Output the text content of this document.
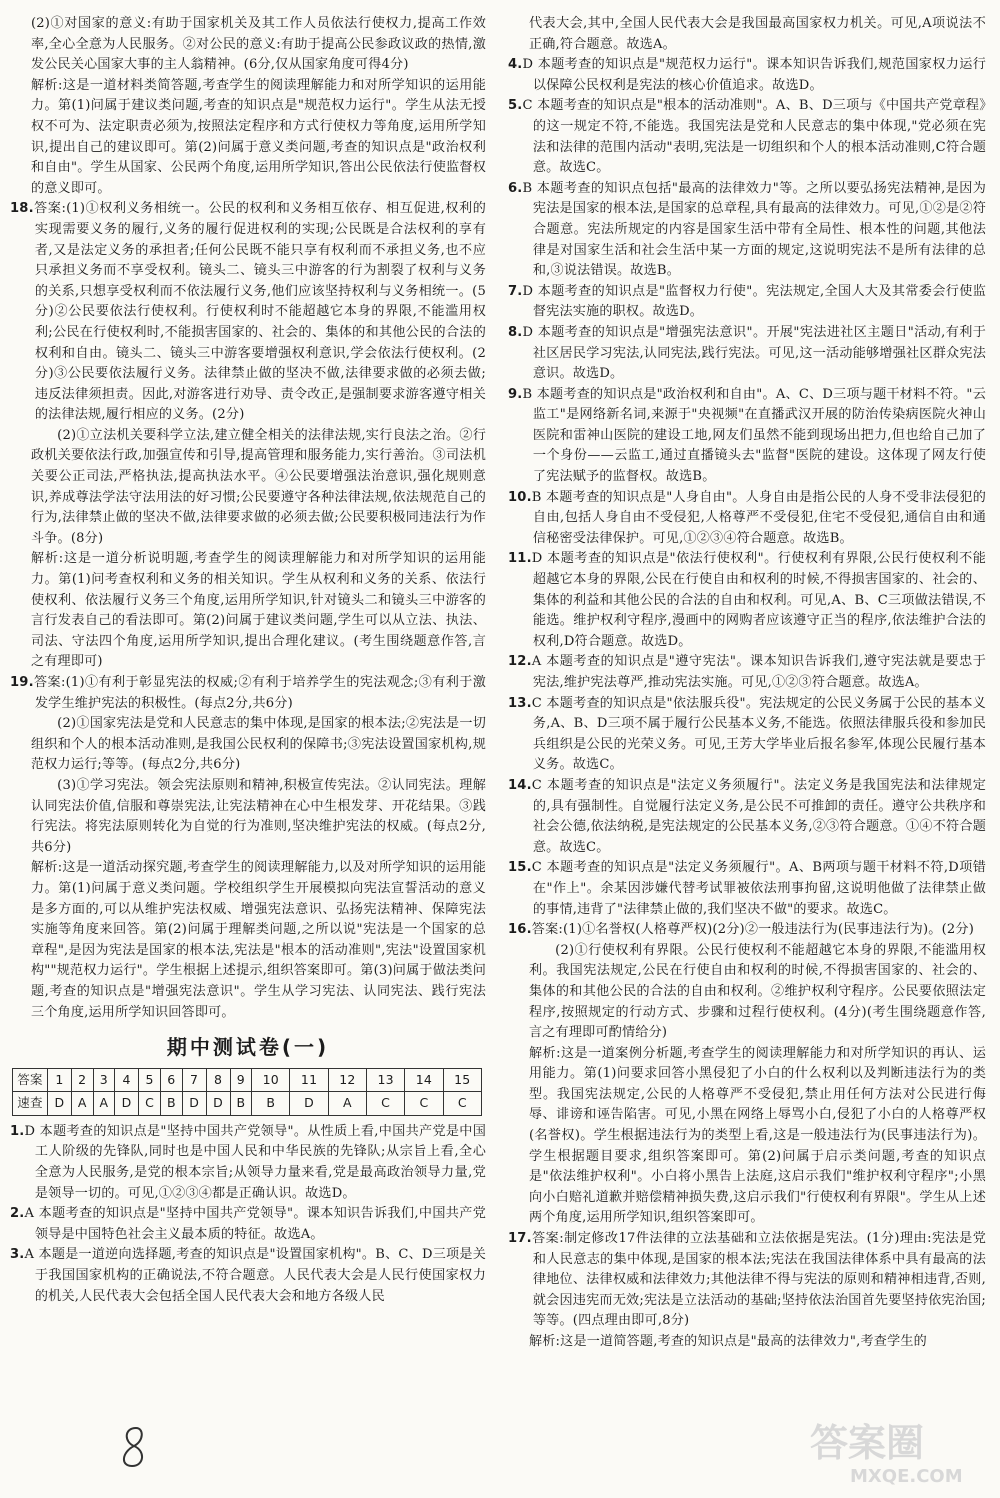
(2)①对国家的意义:有助于国家机关及其工作人员依法行使权力,提高工作效率,全心全意为人民服务。②对公民的意义:有助于提高公民参政议政的热情,激发公民关心国家大事的主人翁精神。(6分,仅从国家角度可得4分)

解析:这是一道材料类简答题,考查学生的阅读理解能力和对所学知识的运用能力。第(1)问属于建议类问题,考查的知识点是"规范权力运行"。学生从法无授权不可为、法定职责必须为,按照法定程序和方式行使权力等角度,运用所学知识,提出自己的建议即可。第(2)问属于意义类问题,考查的知识点是"政治权利和自由"。学生从国家、公民两个角度,运用所学知识,答出公民依法行使监督权的意义即可。

18.答案:(1)①权利义务相统一。公民的权利和义务相互依存、相互促进,权利的实现需要义务的履行,义务的履行促进权利的实现;公民既是合法权利的享有者,又是法定义务的承担者;任何公民既不能只享有权利而不承担义务,也不应只承担义务而不享受权利。镜头二、镜头三中游客的行为割裂了权利与义务的关系,只想享受权利而不依法履行义务,他们应该坚持权利与义务相统一。(5分)②公民要依法行使权利。行使权利时不能超越它本身的界限,不能滥用权利;公民在行使权利时,不能损害国家的、社会的、集体的和其他公民的合法的权利和自由。镜头二、镜头三中游客要增强权利意识,学会依法行使权利。(2分)③公民要依法履行义务。法律禁止做的坚决不做,法律要求做的必须去做;违反法律须担责。因此,对游客进行劝导、责令改正,是强制要求游客遵守相关的法律法规,履行相应的义务。(2分)

(2)①立法机关要科学立法,建立健全相关的法律法规,实行良法之治。②行政机关要依法行政,加强宣传和引导,提高管理和服务能力,实行善治。③司法机关要公正司法,严格执法,提高执法水平。④公民要增强法治意识,强化规则意识,养成尊法学法守法用法的好习惯;公民要遵守各种法律法规,依法规范自己的行为,法律禁止做的坚决不做,法律要求做的必须去做;公民要积极同违法行为作斗争。(8分)

解析:这是一道分析说明题,考查学生的阅读理解能力和对所学知识的运用能力。第(1)问考查权利和义务的相关知识。学生从权利和义务的关系、依法行使权利、依法履行义务三个角度,运用所学知识,针对镜头二和镜头三中游客的言行发表自己的看法即可。第(2)问属于建议类问题,学生可以从立法、执法、司法、守法四个角度,运用所学知识,提出合理化建议。(考生围绕题意作答,言之有理即可)

19.答案:(1)①有利于彰显宪法的权威;②有利于培养学生的宪法观念;③有利于激发学生维护宪法的积极性。(每点2分,共6分)

(2)①国家宪法是党和人民意志的集中体现,是国家的根本法;②宪法是一切组织和个人的根本活动准则,是我国公民权利的保障书;③宪法设置国家机构,规范权力运行;等等。(每点2分,共6分)

(3)①学习宪法。领会宪法原则和精神,积极宣传宪法。②认同宪法。理解认同宪法价值,信服和尊崇宪法,让宪法精神在心中生根发芽、开花结果。③践行宪法。将宪法原则转化为自觉的行为准则,坚决维护宪法的权威。(每点2分,共6分)

解析:这是一道活动探究题,考查学生的阅读理解能力,以及对所学知识的运用能力。第(1)问属于意义类问题。学校组织学生开展模拟向宪法宣誓活动的意义是多方面的,可以从维护宪法权威、增强宪法意识、弘扬宪法精神、保障宪法实施等角度来回答。第(2)问属于理解类问题,之所以说"宪法是一个国家的总章程",是因为宪法是国家的根本法,宪法是"根本的活动准则",宪法"设置国家机构""规范权力运行"。学生根据上述提示,组织答案即可。第(3)问属于做法类问题,考查的知识点是"增强宪法意识"。学生从学习宪法、认同宪法、践行宪法三个角度,运用所学知识回答即可。

期中测试卷(一)
答案	1	2	3	4	5	6	7	8	9	10	11	12	13	14	15
速查	D	A	A	D	C	B	D	D	B	B	D	A	C	C	C

1.D 本题考查的知识点是"坚持中国共产党领导"。从性质上看,中国共产党是中国工人阶级的先锋队,同时也是中国人民和中华民族的先锋队;从宗旨上看,全心全意为人民服务,是党的根本宗旨;从领导力量来看,党是最高政治领导力量,党是领导一切的。可见,①②③④都是正确认识。故选D。

2.A 本题考查的知识点是"坚持中国共产党领导"。课本知识告诉我们,中国共产党领导是中国特色社会主义最本质的特征。故选A。

3.A 本题是一道逆向选择题,考查的知识点是"设置国家机构"。B、C、D三项是关于我国国家机构的正确说法,不符合题意。人民代表大会是人民行使国家权力的机关,人民代表大会包括全国人民代表大会和地方各级人民

代表大会,其中,全国人民代表大会是我国最高国家权力机关。可见,A项说法不正确,符合题意。故选A。

4.D 本题考查的知识点是"规范权力运行"。课本知识告诉我们,规范国家权力运行以保障公民权利是宪法的核心价值追求。故选D。

5.C 本题考查的知识点是"根本的活动准则"。A、B、D三项与《中国共产党章程》的这一规定不符,不能选。我国宪法是党和人民意志的集中体现,"党必须在宪法和法律的范围内活动"表明,宪法是一切组织和个人的根本活动准则,C符合题意。故选C。

6.B 本题考查的知识点包括"最高的法律效力"等。之所以要弘扬宪法精神,是因为宪法是国家的根本法,是国家的总章程,具有最高的法律效力。可见,①②是②符合题意。宪法所规定的内容是国家生活中带有全局性、根本性的问题,其他法律是对国家生活和社会生活中某一方面的规定,这说明宪法不是所有法律的总和,③说法错误。故选B。

7.D 本题考查的知识点是"监督权力行使"。宪法规定,全国人大及其常委会行使监督宪法实施的职权。故选D。

8.D 本题考查的知识点是"增强宪法意识"。开展"宪法进社区主题日"活动,有利于社区居民学习宪法,认同宪法,践行宪法。可见,这一活动能够增强社区群众宪法意识。故选D。

9.B 本题考查的知识点是"政治权利和自由"。A、C、D三项与题干材料不符。"云监工"是网络新名词,来源于"央视频"在直播武汉开展的防治传染病医院火神山医院和雷神山医院的建设工地,网友们虽然不能到现场出把力,但也给自己加了一个身份——云监工,通过直播镜头去"监督"医院的建设。这体现了网友行使了宪法赋予的监督权。故选B。

10.B 本题考查的知识点是"人身自由"。人身自由是指公民的人身不受非法侵犯的自由,包括人身自由不受侵犯,人格尊严不受侵犯,住宅不受侵犯,通信自由和通信秘密受法律保护。可见,①②③④符合题意。故选B。

11.D 本题考查的知识点是"依法行使权利"。行使权利有界限,公民行使权利不能超越它本身的界限,公民在行使自由和权利的时候,不得损害国家的、社会的、集体的利益和其他公民的合法的自由和权利。可见,A、B、C三项做法错误,不能选。维护权利守程序,漫画中的网购者应该遵守正当的程序,依法维护合法的权利,D符合题意。故选D。

12.A 本题考查的知识点是"遵守宪法"。课本知识告诉我们,遵守宪法就是要忠于宪法,维护宪法尊严,推动宪法实施。可见,①②③符合题意。故选A。

13.C 本题考查的知识点是"依法服兵役"。宪法规定的公民义务属于公民的基本义务,A、B、D三项不属于履行公民基本义务,不能选。依照法律服兵役和参加民兵组织是公民的光荣义务。可见,王芳大学毕业后报名参军,体现公民履行基本义务。故选C。

14.C 本题考查的知识点是"法定义务须履行"。法定义务是我国宪法和法律规定的,具有强制性。自觉履行法定义务,是公民不可推卸的责任。遵守公共秩序和社会公德,依法纳税,是宪法规定的公民基本义务,②③符合题意。①④不符合题意。故选C。

15.C 本题考查的知识点是"法定义务须履行"。A、B两项与题干材料不符,D项错在"作上"。余某因涉嫌代替考试罪被依法刑事拘留,这说明他做了法律禁止做的事情,违背了"法律禁止做的,我们坚决不做"的要求。故选C。

16.答案:(1)①名誉权(人格尊严权)(2分)②一般违法行为(民事违法行为)。(2分)

(2)①行使权利有界限。公民行使权利不能超越它本身的界限,不能滥用权利。我国宪法规定,公民在行使自由和权利的时候,不得损害国家的、社会的、集体的和其他公民的合法的自由和权利。②维护权利守程序。公民要依照法定程序,按照规定的行动方式、步骤和过程行使权利。(4分)(考生围绕题意作答,言之有理即可酌情给分)

解析:这是一道案例分析题,考查学生的阅读理解能力和对所学知识的再认、运用能力。第(1)问要求回答小黑侵犯了小白的什么权利以及判断违法行为的类型。我国宪法规定,公民的人格尊严不受侵犯,禁止用任何方法对公民进行侮辱、诽谤和诬告陷害。可见,小黑在网络上辱骂小白,侵犯了小白的人格尊严权(名誉权)。学生根据违法行为的类型上看,这是一般违法行为(民事违法行为)。学生根据题目要求,组织答案即可。第(2)问属于启示类问题,考查的知识点是"依法维护权利"。小白将小黑告上法庭,这启示我们"维护权利守程序";小黑向小白赔礼道歉并赔偿精神损失费,这启示我们"行使权利有界限"。学生从上述两个角度,运用所学知识,组织答案即可。

17.答案:制定修改17件法律的立法基础和立法依据是宪法。(1分)理由:宪法是党和人民意志的集中体现,是国家的根本法;宪法在我国法律体系中具有最高的法律地位、法律权威和法律效力;其他法律不得与宪法的原则和精神相违背,否则,就会因违宪而无效;宪法是立法活动的基础;坚持依法治国首先要坚持依宪治国;等等。(四点理由即可,8分)

解析:这是一道简答题,考查的知识点是"最高的法律效力",考查学生的

答案圈
MXQE.COM
